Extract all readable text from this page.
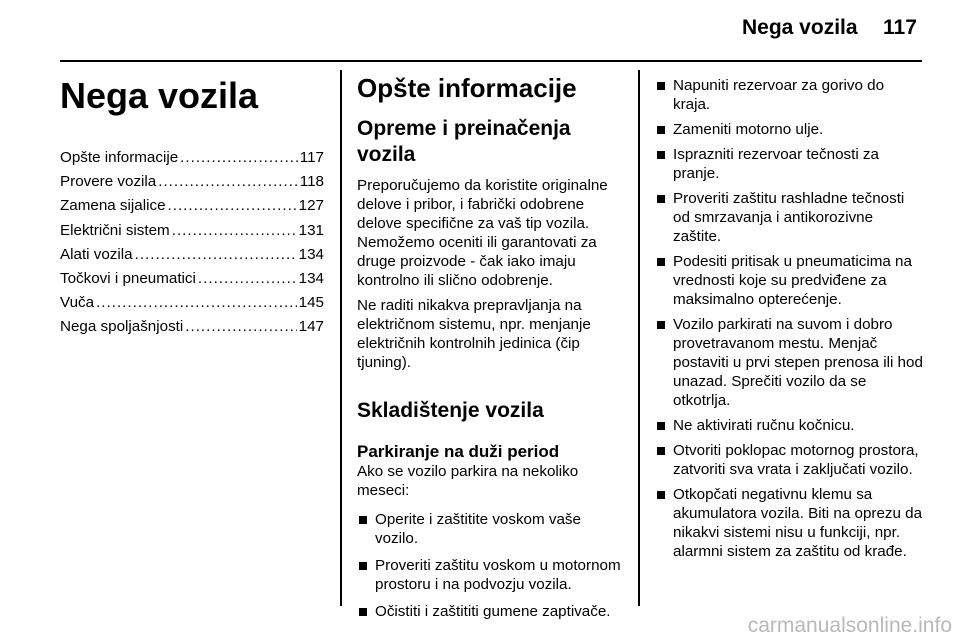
Nega vozila 117
Nega vozila
Opšte informacije .....	117
Provere vozila .....	118
Zamena sijalice .....	127
Električni sistem .....	131
Alati vozila .....	134
Točkovi i pneumatici .....	134
Vuča .....	145
Nega spoljašnjosti .....	147
Opšte informacije
Opreme i preinačenja vozila

Preporučujemo da koristite originalne delove i pribor, i fabrički odobrene delove specifične za vaš tip vozila. Nemožemo oceniti ili garantovati za druge proizvode - čak iako imaju kontrolno ili slično odobrenje.

Ne raditi nikakva prepravljanja na električnom sistemu, npr. menjanje električnih kontrolnih jedinica (čip tjuning).

Skladištenje vozila
Parkiranje na duži period

Ako se vozilo parkira na nekoliko meseci:

Operite i zaštitite voskom vaše vozilo.
Proveriti zaštitu voskom u motornom prostoru i na podvozju vozila.
Očistiti i zaštititi gumene zaptivače.
Napuniti rezervoar za gorivo do kraja.
Zameniti motorno ulje.
Isprazniti rezervoar tečnosti za pranje.
Proveriti zaštitu rashladne tečnosti od smrzavanja i antikorozivne zaštite.
Podesiti pritisak u pneumaticima na vrednosti koje su predviđene za maksimalno opterećenje.
Vozilo parkirati na suvom i dobro provetravanom mestu. Menjač postaviti u prvi stepen prenosa ili hod unazad. Sprečiti vozilo da se otkotrlja.
Ne aktivirati ručnu kočnicu.
Otvoriti poklopac motornog prostora, zatvoriti sva vrata i zaključati vozilo.
Otkopčati negativnu klemu sa akumulatora vozila. Biti na oprezu da nikakvi sistemi nisu u funkciji, npr. alarmni sistem za zaštitu od krađe.
carmanualsonline.info
